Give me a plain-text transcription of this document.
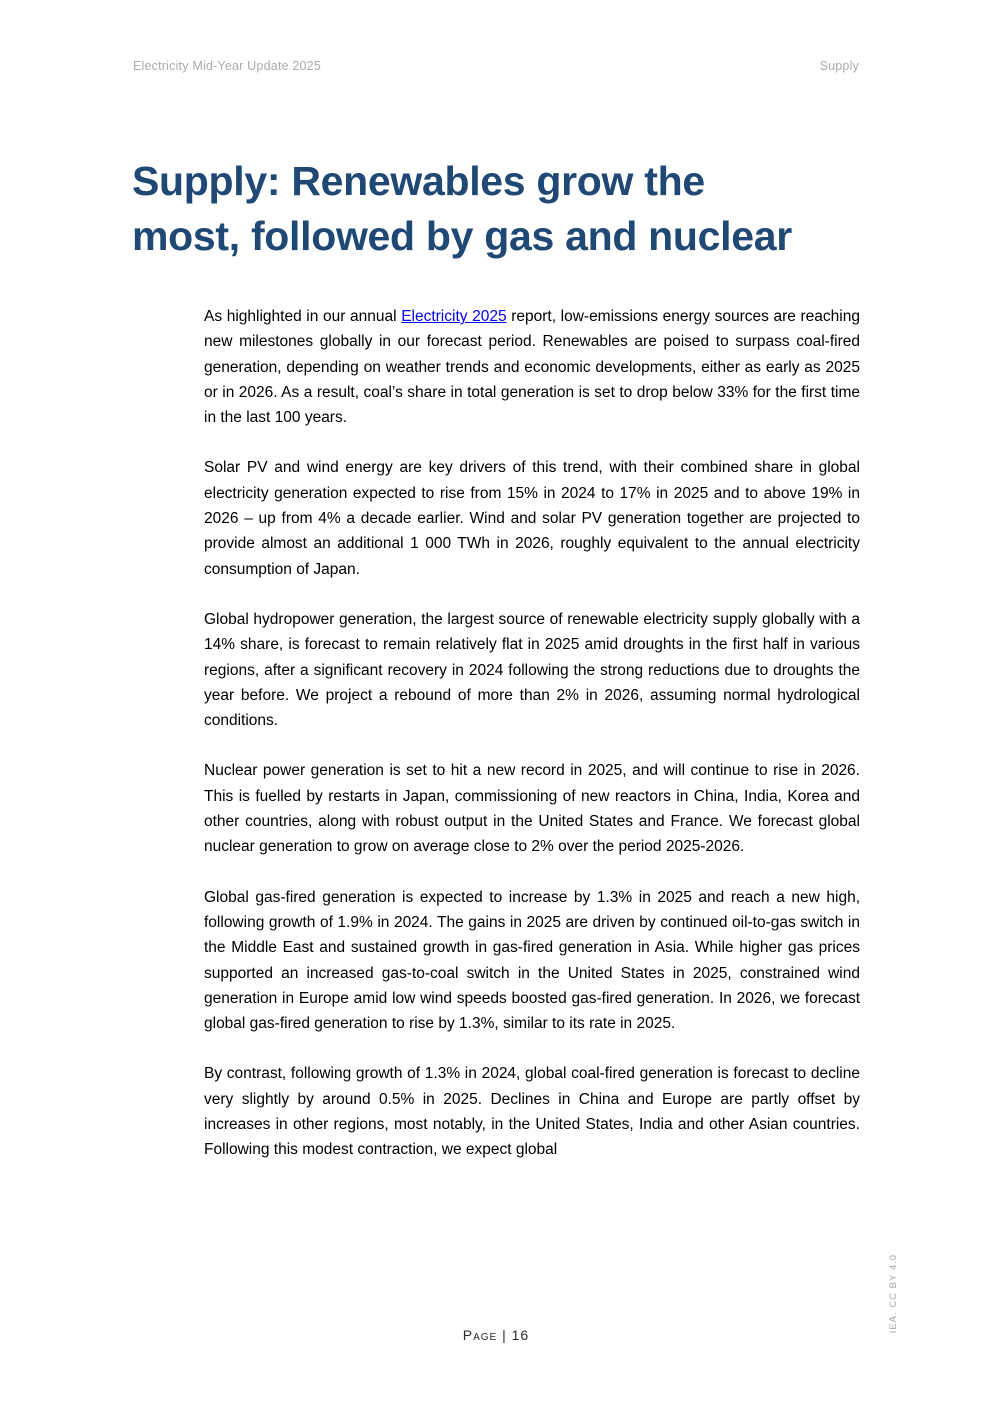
Electricity Mid-Year Update 2025	Supply
Supply: Renewables grow the
most, followed by gas and nuclear

As highlighted in our annual Electricity 2025 report, low-emissions energy sources are reaching new milestones globally in our forecast period. Renewables are poised to surpass coal-fired generation, depending on weather trends and economic developments, either as early as 2025 or in 2026. As a result, coal’s share in total generation is set to drop below 33% for the first time in the last 100 years.

Solar PV and wind energy are key drivers of this trend, with their combined share in global electricity generation expected to rise from 15% in 2024 to 17% in 2025 and to above 19% in 2026 – up from 4% a decade earlier. Wind and solar PV generation together are projected to provide almost an additional 1 000 TWh in 2026, roughly equivalent to the annual electricity consumption of Japan.

Global hydropower generation, the largest source of renewable electricity supply globally with a 14% share, is forecast to remain relatively flat in 2025 amid droughts in the first half in various regions, after a significant recovery in 2024 following the strong reductions due to droughts the year before. We project a rebound of more than 2% in 2026, assuming normal hydrological conditions.

Nuclear power generation is set to hit a new record in 2025, and will continue to rise in 2026. This is fuelled by restarts in Japan, commissioning of new reactors in China, India, Korea and other countries, along with robust output in the United States and France. We forecast global nuclear generation to grow on average close to 2% over the period 2025-2026.

Global gas-fired generation is expected to increase by 1.3% in 2025 and reach a new high, following growth of 1.9% in 2024. The gains in 2025 are driven by continued oil-to-gas switch in the Middle East and sustained growth in gas-fired generation in Asia. While higher gas prices supported an increased gas-to-coal switch in the United States in 2025, constrained wind generation in Europe amid low wind speeds boosted gas-fired generation. In 2026, we forecast global gas-fired generation to rise by 1.3%, similar to its rate in 2025.

By contrast, following growth of 1.3% in 2024, global coal-fired generation is forecast to decline very slightly by around 0.5% in 2025. Declines in China and Europe are partly offset by increases in other regions, most notably, in the United States, India and other Asian countries. Following this modest contraction, we expect global

Page | 16
IEA. CC BY 4.0
